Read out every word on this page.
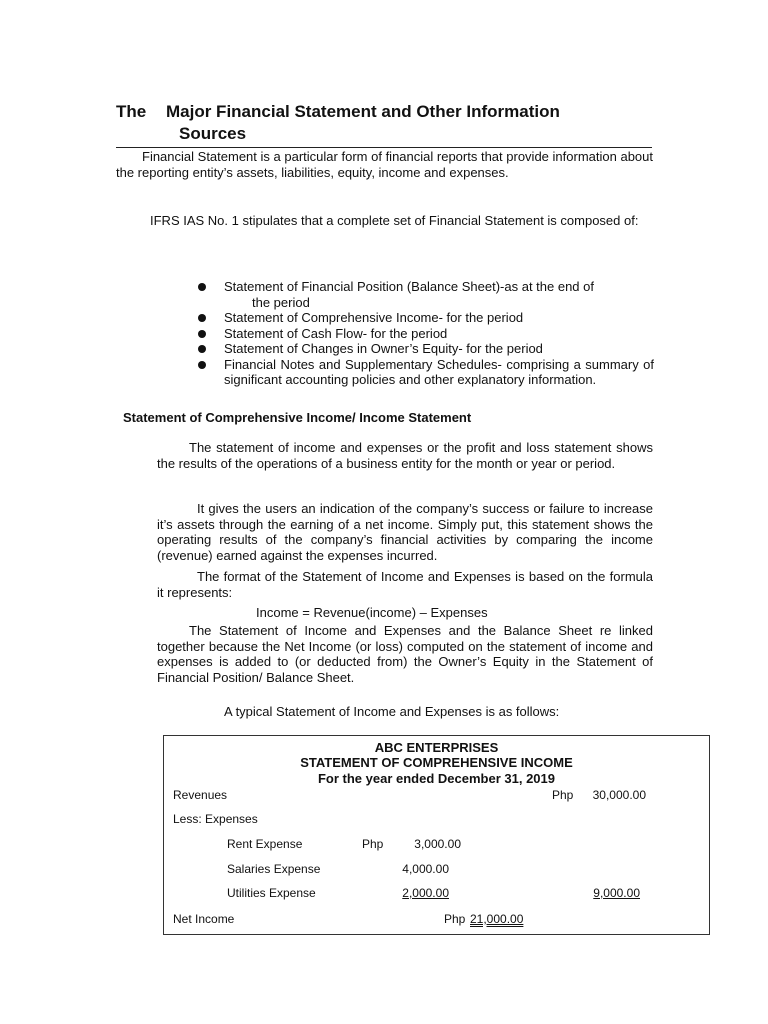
The Major Financial Statement and Other Information
Sources
Financial Statement is a particular form of financial reports that provide information about the reporting entity’s assets, liabilities, equity, income and expenses.
IFRS IAS No. 1 stipulates that a complete set of Financial Statement is composed of:
Statement of Financial Position (Balance Sheet)-as at the end of
the period
Statement of Comprehensive Income- for the period
Statement of Cash Flow- for the period
Statement of Changes in Owner’s Equity- for the period
Financial Notes and Supplementary Schedules- comprising a summary of significant accounting policies and other explanatory information.
Statement of Comprehensive Income/ Income Statement
The statement of income and expenses or the profit and loss statement shows the results of the operations of a business entity for the month or year or period.
It gives the users an indication of the company’s success or failure to increase it’s assets through the earning of a net income. Simply put, this statement shows the operating results of the company’s financial activities by comparing the income (revenue) earned against the expenses incurred.
The format of the Statement of Income and Expenses is based on the formula it represents:
Income = Revenue(income) – Expenses
The Statement of Income and Expenses and the Balance Sheet re linked together because the Net Income (or loss) computed on the statement of income and expenses is added to (or deducted from) the Owner’s Equity in the Statement of Financial Position/ Balance Sheet.
A typical Statement of Income and Expenses is as follows:
ABC ENTERPRISES
STATEMENT OF COMPREHENSIVE INCOME
For the year ended December 31, 2019
Revenues	Php	30,000.00
Less: Expenses
Rent Expense	Php	3,000.00
Salaries Expense	4,000.00
Utilities Expense	2,000.00	9,000.00
Net Income	Php 21,000.00
